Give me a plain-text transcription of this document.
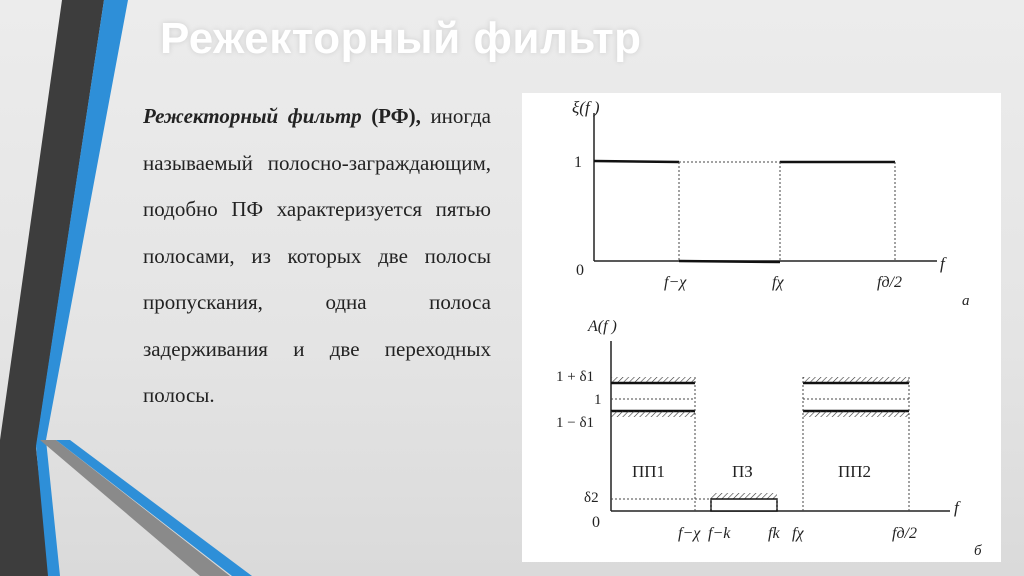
Режекторный фильтр
Режекторный фильтр (РФ), иногда называемый полосно-заграждающим, подобно ПФ характеризуется пятью полосами, из которых две полосы пропускания, одна полоса задерживания и две переходных полосы.
ξ(f )
1
0	f
f−χ	fχ	fд/2
а
A(f )
f
1 + δ1
1
1 − δ1
δ2
0
ПП1	ПЗ	ПП2
f−χ f−k fk fχ	fд/2
б
